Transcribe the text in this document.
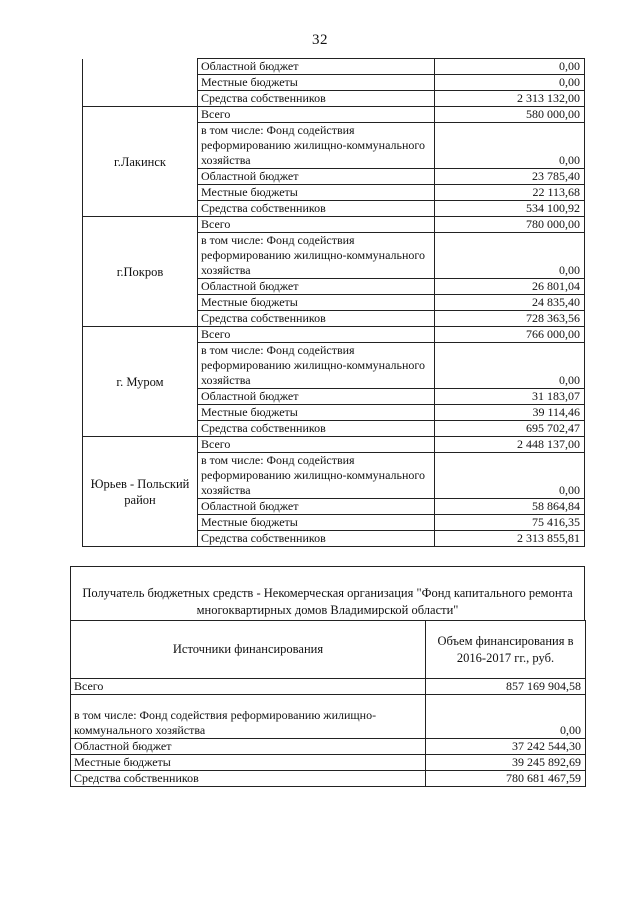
32
	Областной бюджет	0,00
	Местные бюджеты	0,00
	Средства собственников	2 313 132,00
г.Лакинск	Всего	580 000,00
	в том числе: Фонд содействия реформированию жилищно-коммунального хозяйства	0,00
	Областной бюджет	23 785,40
	Местные бюджеты	22 113,68
	Средства собственников	534 100,92
г.Покров	Всего	780 000,00
	в том числе: Фонд содействия реформированию жилищно-коммунального хозяйства	0,00
	Областной бюджет	26 801,04
	Местные бюджеты	24 835,40
	Средства собственников	728 363,56
г. Муром	Всего	766 000,00
	в том числе: Фонд содействия реформированию жилищно-коммунального хозяйства	0,00
	Областной бюджет	31 183,07
	Местные бюджеты	39 114,46
	Средства собственников	695 702,47
Юрьев - Польский район	Всего	2 448 137,00
	в том числе: Фонд содействия реформированию жилищно-коммунального хозяйства	0,00
	Областной бюджет	58 864,84
	Местные бюджеты	75 416,35
	Средства собственников	2 313 855,81
Получатель бюджетных средств - Некомерческая организация "Фонд капитального ремонта многоквартирных домов Владимирской области"
Источники финансирования	Объем финансирования в 2016-2017 гг., руб.
Всего	857 169 904,58
в том числе: Фонд содействия реформированию жилищно-коммунального хозяйства	0,00
Областной бюджет	37 242 544,30
Местные бюджеты	39 245 892,69
Средства собственников	780 681 467,59
